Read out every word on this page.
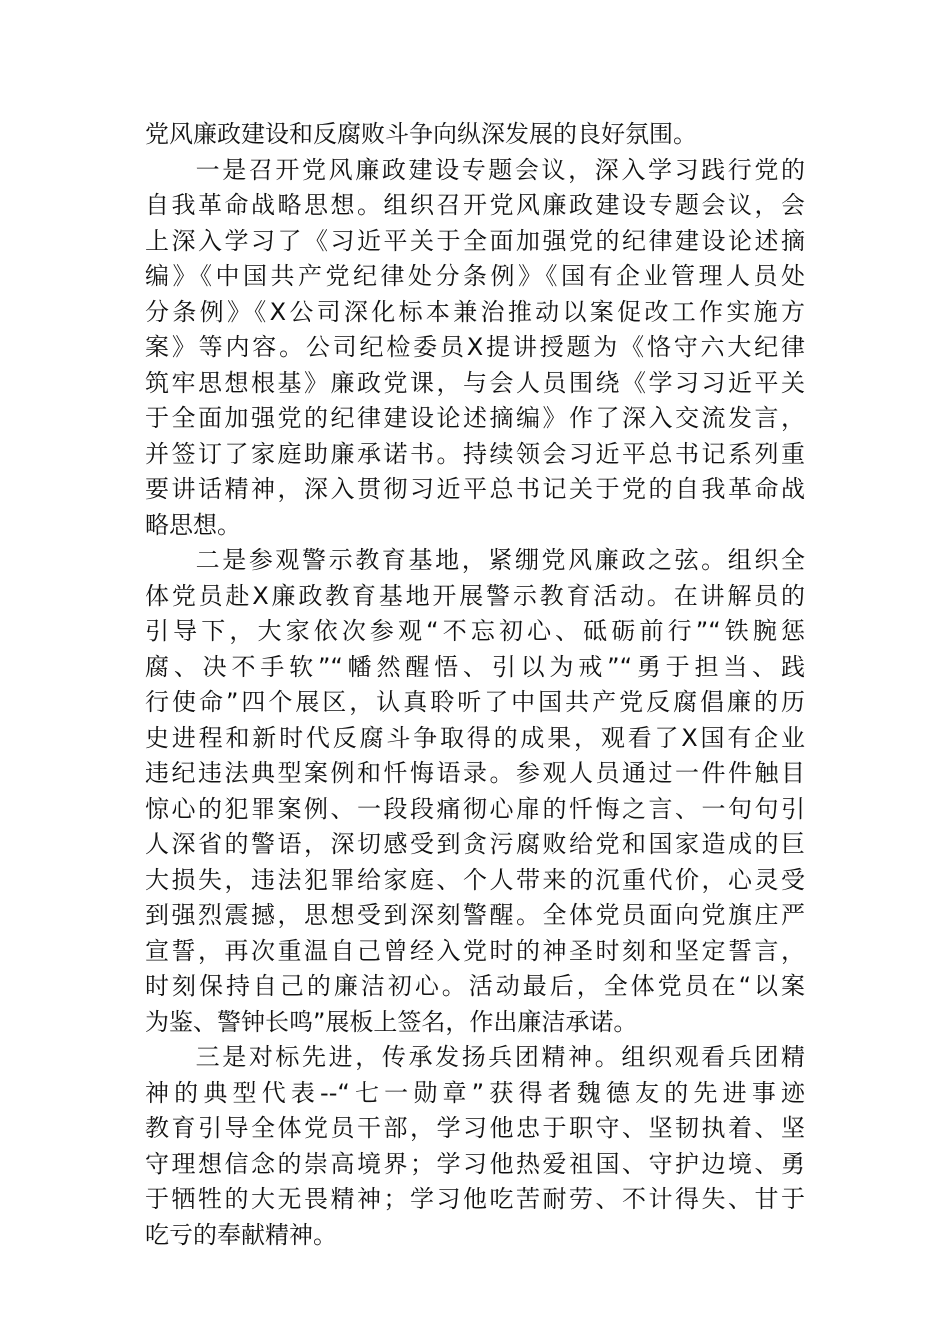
党风廉政建设和反腐败斗争向纵深发展的良好氛围。
一是召开党风廉政建设专题会议，深入学习践行党的
自我革命战略思想。组织召开党风廉政建设专题会议，会
上深入学习了《习近平关于全面加强党的纪律建设论述摘
编》《中国共产党纪律处分条例》《国有企业管理人员处
分条例》《X公司深化标本兼治推动以案促改工作实施方
案》等内容。公司纪检委员X提讲授题为《恪守六大纪律
筑牢思想根基》廉政党课，与会人员围绕《学习习近平关
于全面加强党的纪律建设论述摘编》作了深入交流发言，
并签订了家庭助廉承诺书。持续领会习近平总书记系列重
要讲话精神，深入贯彻习近平总书记关于党的自我革命战
略思想。
二是参观警示教育基地，紧绷党风廉政之弦。组织全
体党员赴X廉政教育基地开展警示教育活动。在讲解员的
引导下，大家依次参观“不忘初心、砥砺前行”“铁腕惩
腐、决不手软”“幡然醒悟、引以为戒”“勇于担当、践
行使命”四个展区，认真聆听了中国共产党反腐倡廉的历
史进程和新时代反腐斗争取得的成果，观看了X国有企业
违纪违法典型案例和忏悔语录。参观人员通过一件件触目
惊心的犯罪案例、一段段痛彻心扉的忏悔之言、一句句引
人深省的警语，深切感受到贪污腐败给党和国家造成的巨
大损失，违法犯罪给家庭、个人带来的沉重代价，心灵受
到强烈震撼，思想受到深刻警醒。全体党员面向党旗庄严
宣誓，再次重温自己曾经入党时的神圣时刻和坚定誓言，
时刻保持自己的廉洁初心。活动最后，全体党员在“以案
为鉴、警钟长鸣”展板上签名，作出廉洁承诺。
三是对标先进，传承发扬兵团精神。组织观看兵团精
神的典型代表--“七一勋章”获得者魏德友的先进事迹
教育引导全体党员干部，学习他忠于职守、坚韧执着、坚
守理想信念的崇高境界；学习他热爱祖国、守护边境、勇
于牺牲的大无畏精神；学习他吃苦耐劳、不计得失、甘于
吃亏的奉献精神。
